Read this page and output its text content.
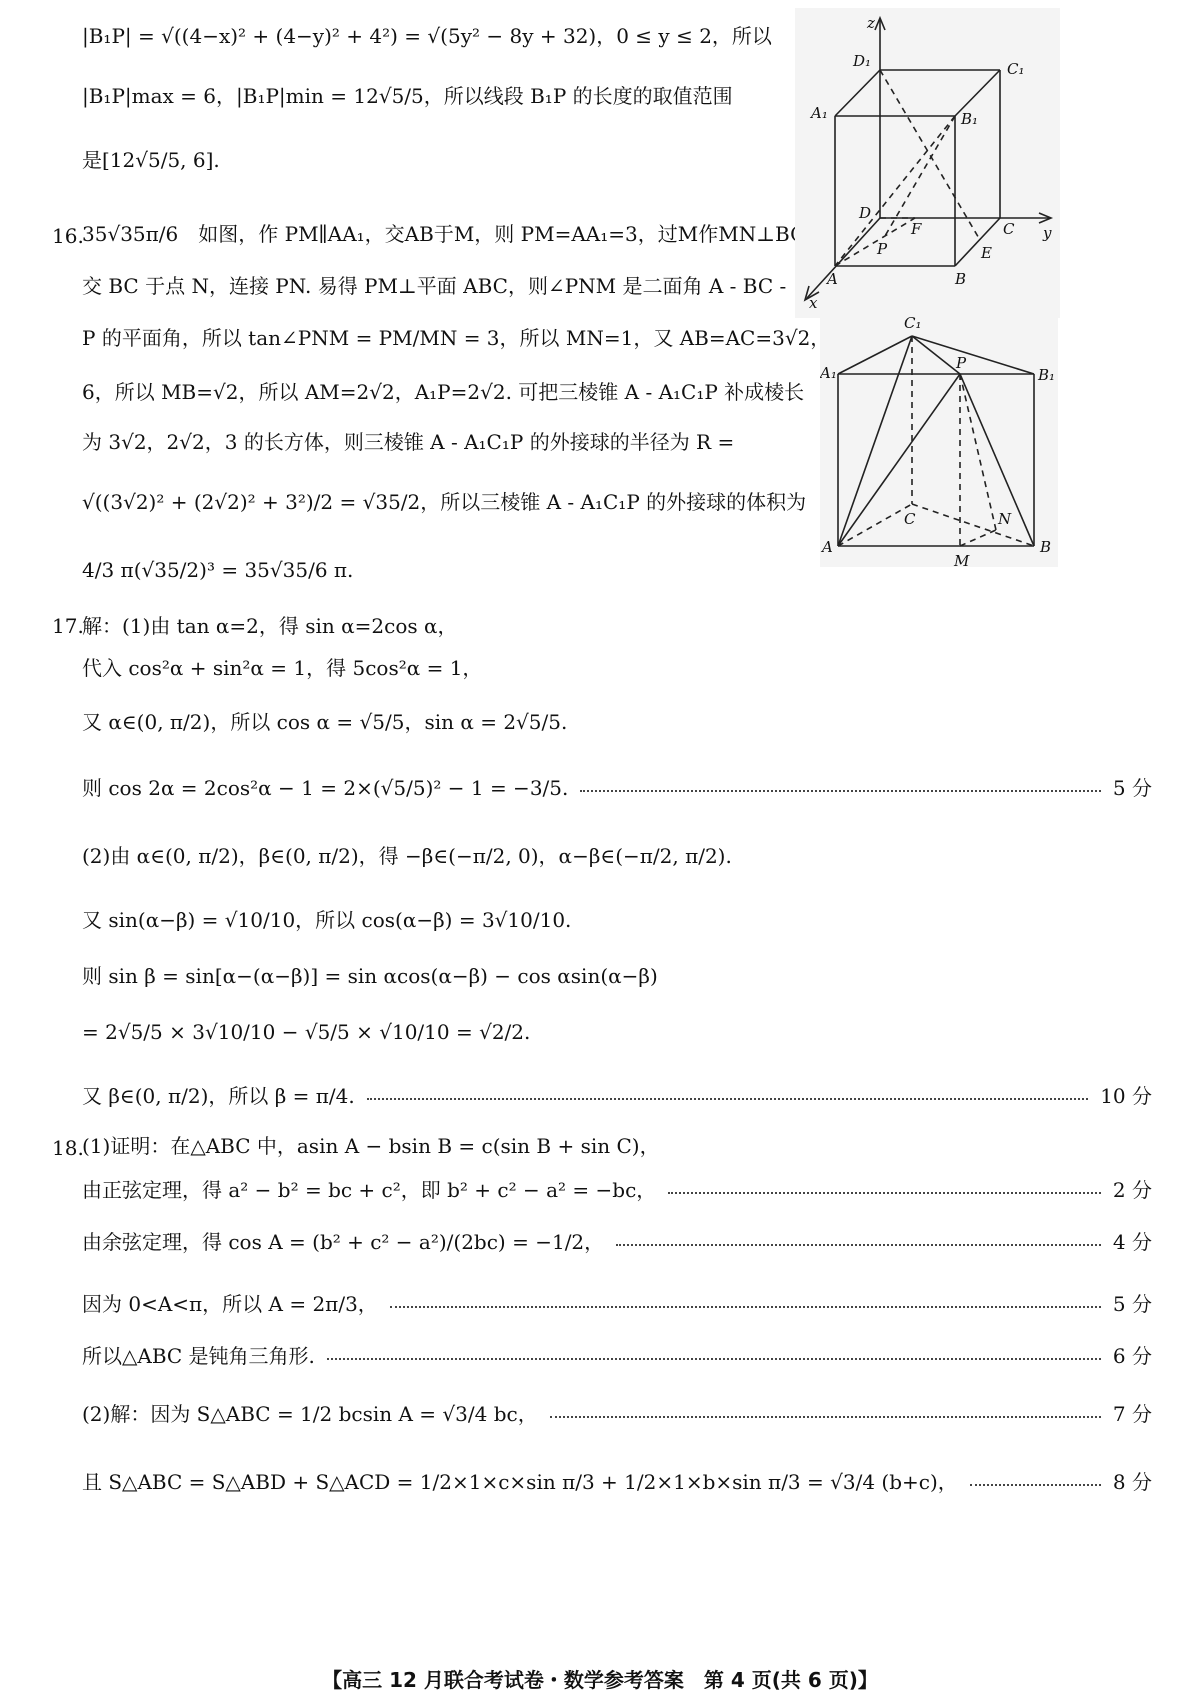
|B₁P| = √((4−x)² + (4−y)² + 4²) = √(5y² − 8y + 32)，0 ≤ y ≤ 2，所以
|B₁P|max = 6，|B₁P|min = 12√5/5，所以线段 B₁P 的长度的取值范围
是[12√5/5, 6].
16.
35√35π/6　如图，作 PM∥AA₁，交AB于M，则 PM=AA₁=3，过M作MN⊥BC
交 BC 于点 N，连接 PN. 易得 PM⊥平面 ABC，则∠PNM 是二面角 A - BC -
P 的平面角，所以 tan∠PNM = PM/MN = 3，所以 MN=1，又 AB=AC=3√2，BC=
6，所以 MB=√2，所以 AM=2√2，A₁P=2√2. 可把三棱锥 A - A₁C₁P 补成棱长
为 3√2，2√2，3 的长方体，则三棱锥 A - A₁C₁P 的外接球的半径为 R =
√((3√2)² + (2√2)² + 3²)/2 = √35/2，所以三棱锥 A - A₁C₁P 的外接球的体积为
4/3 π(√35/2)³ = 35√35/6 π.
17.
解：(1)由 tan α=2，得 sin α=2cos α，
代入 cos²α + sin²α = 1，得 5cos²α = 1，
又 α∈(0, π/2)，所以 cos α = √5/5，sin α = 2√5/5.
则 cos 2α = 2cos²α − 1 = 2×(√5/5)² − 1 = −3/5.	5 分
(2)由 α∈(0, π/2)，β∈(0, π/2)，得 −β∈(−π/2, 0)，α−β∈(−π/2, π/2).
又 sin(α−β) = √10/10，所以 cos(α−β) = 3√10/10.
则 sin β = sin[α−(α−β)] = sin αcos(α−β) − cos αsin(α−β)
= 2√5/5 × 3√10/10 − √5/5 × √10/10 = √2/2.
又 β∈(0, π/2)，所以 β = π/4.	10 分
18.
(1)证明：在△ABC 中，asin A − bsin B = c(sin B + sin C)，
由正弦定理，得 a² − b² = bc + c²，即 b² + c² − a² = −bc，	2 分
由余弦定理，得 cos A = (b² + c² − a²)/(2bc) = −1/2，	4 分
因为 0<A<π，所以 A = 2π/3，	5 分
所以△ABC 是钝角三角形.	6 分
(2)解：因为 S△ABC = 1/2 bcsin A = √3/4 bc，	7 分
且 S△ABC = S△ABD + S△ACD = 1/2×1×c×sin π/3 + 1/2×1×b×sin π/3 = √3/4 (b+c)，	8 分
z
y
x
D₁	C₁
A₁	B₁
D
F	C
P
A	B
E
C₁
A₁
P
B₁
C	N
A
M
B
【高三 12 月联合考试卷・数学参考答案　第 4 页(共 6 页)】
